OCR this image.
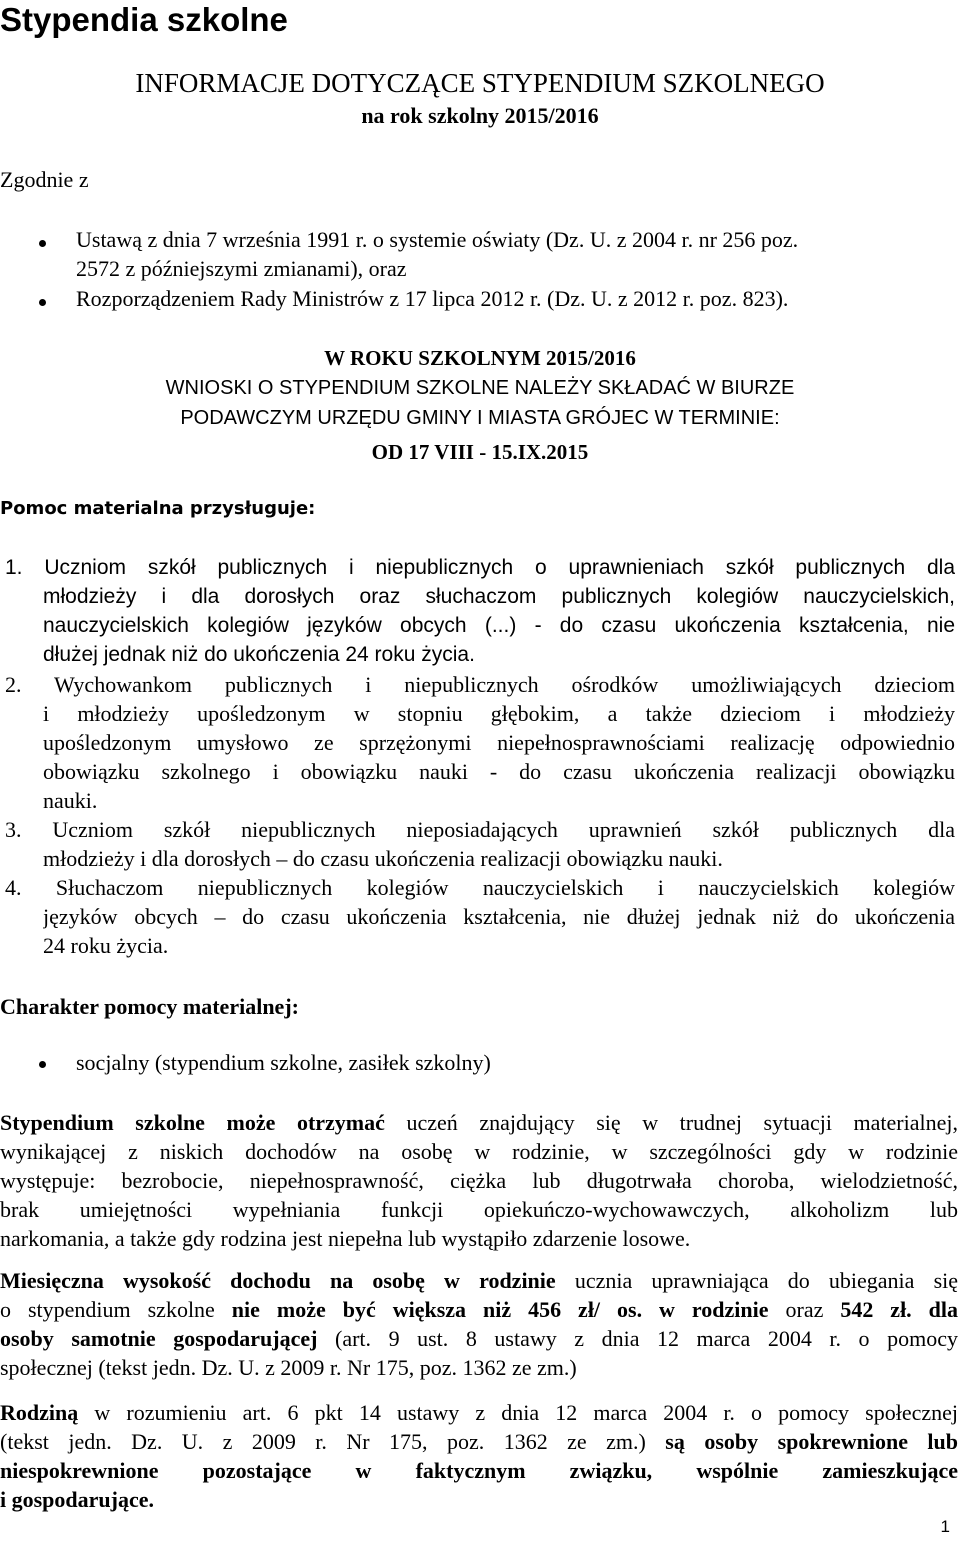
Stypendia szkolne
INFORMACJE DOTYCZĄCE STYPENDIUM SZKOLNEGO
na rok szkolny 2015/2016
Zgodnie z
Ustawą z dnia 7 września 1991 r. o systemie oświaty (Dz. U. z 2004 r. nr 256 poz.
2572 z późniejszymi zmianami), oraz
Rozporządzeniem Rady Ministrów z 17 lipca 2012 r. (Dz. U. z 2012 r. poz. 823).
W ROKU SZKOLNYM 2015/2016
WNIOSKI O STYPENDIUM SZKOLNE NALEŻY SKŁADAĆ W BIURZE
PODAWCZYM URZĘDU GMINY I MIASTA GRÓJEC W TERMINIE:
OD 17 VIII - 15.IX.2015
Pomoc materialna przysługuje:
1. Uczniom szkół publicznych i niepublicznych o uprawnieniach szkół publicznych dla
młodzieży i dla dorosłych oraz słuchaczom publicznych kolegiów nauczycielskich,
nauczycielskich kolegiów języków obcych (...) - do czasu ukończenia kształcenia, nie
dłużej jednak niż do ukończenia 24 roku życia.
2. Wychowankom publicznych i niepublicznych ośrodków umożliwiających dzieciom
i młodzieży upośledzonym w stopniu głębokim, a także dzieciom i młodzieży
upośledzonym umysłowo ze sprzężonymi niepełnosprawnościami realizację odpowiednio
obowiązku szkolnego i obowiązku nauki - do czasu ukończenia realizacji obowiązku
nauki.
3. Uczniom szkół niepublicznych nieposiadających uprawnień szkół publicznych dla
młodzieży i dla dorosłych – do czasu ukończenia realizacji obowiązku nauki.
4. Słuchaczom niepublicznych kolegiów nauczycielskich i nauczycielskich kolegiów
języków obcych – do czasu ukończenia kształcenia, nie dłużej jednak niż do ukończenia
24 roku życia.
Charakter pomocy materialnej:
socjalny (stypendium szkolne, zasiłek szkolny)
Stypendium szkolne może otrzymać uczeń znajdujący się w trudnej sytuacji materialnej,
wynikającej z niskich dochodów na osobę w rodzinie, w szczególności gdy w rodzinie
występuje: bezrobocie, niepełnosprawność, ciężka lub długotrwała choroba, wielodzietność,
brak umiejętności wypełniania funkcji opiekuńczo-wychowawczych, alkoholizm lub
narkomania, a także gdy rodzina jest niepełna lub wystąpiło zdarzenie losowe.
Miesięczna wysokość dochodu na osobę w rodzinie ucznia uprawniająca do ubiegania się
o stypendium szkolne nie może być większa niż 456 zł/ os. w rodzinie oraz 542 zł. dla
osoby samotnie gospodarującej (art. 9 ust. 8 ustawy z dnia 12 marca 2004 r. o pomocy
społecznej (tekst jedn. Dz. U. z 2009 r. Nr 175, poz. 1362 ze zm.)
Rodziną w rozumieniu art. 6 pkt 14 ustawy z dnia 12 marca 2004 r. o pomocy społecznej
(tekst jedn. Dz. U. z 2009 r. Nr 175, poz. 1362 ze zm.) są osoby spokrewnione lub
niespokrewnione pozostające w faktycznym związku, wspólnie zamieszkujące
i gospodarujące.
1
